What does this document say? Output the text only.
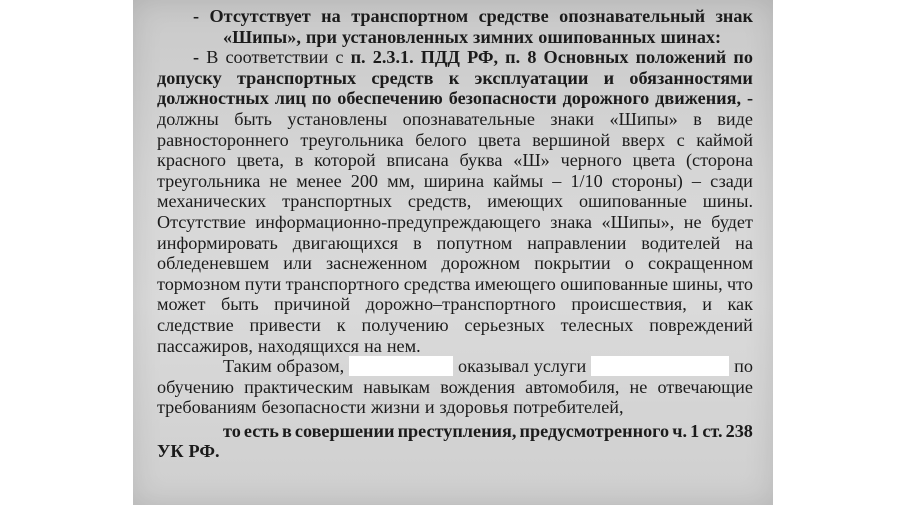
- Отсутствует на транспортном средстве опознавательный знак
«Шипы», при установленных зимних ошипованных шинах:
- В соответствии с п. 2.3.1. ПДД РФ, п. 8 Основных положений по
допуску транспортных средств к эксплуатации и обязанностями
должностных лиц по обеспечению безопасности дорожного движения, -
должны быть установлены опознавательные знаки «Шипы» в виде
равностороннего треугольника белого цвета вершиной вверх с каймой
красного цвета, в которой вписана буква «Ш» черного цвета (сторона
треугольника не менее 200 мм, ширина каймы – 1/10 стороны) – сзади
механических транспортных средств, имеющих ошипованные шины.
Отсутствие информационно-предупреждающего знака «Шипы», не будет
информировать двигающихся в попутном направлении водителей на
обледеневшем или заснеженном дорожном покрытии о сокращенном
тормозном пути транспортного средства имеющего ошипованные шины, что
может быть причиной дорожно–транспортного происшествия, и как
следствие привести к получению серьезных телесных повреждений
пассажиров, находящихся на нем.
Таким образом,	оказывал услуги	по
обучению практическим навыкам вождения автомобиля, не отвечающие
требованиям безопасности жизни и здоровья потребителей,
то есть в совершении преступления, предусмотренного ч. 1 ст. 238
УК РФ.
